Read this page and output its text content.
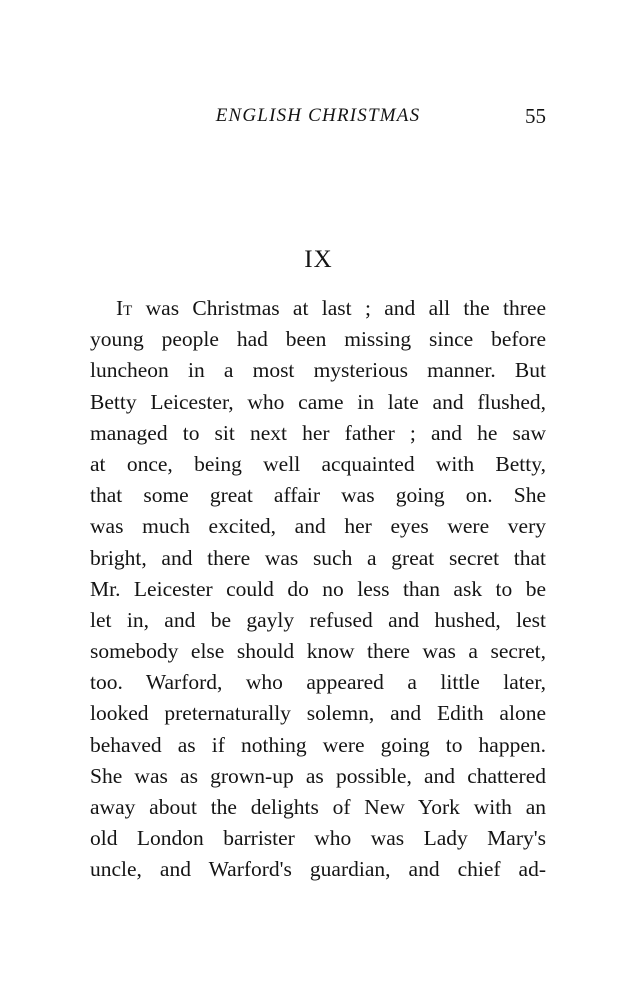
ENGLISH CHRISTMAS	55
IX
It was Christmas at last ; and all the three
young people had been missing since before
luncheon in a most mysterious manner. But
Betty Leicester, who came in late and flushed,
managed to sit next her father ; and he saw
at once, being well acquainted with Betty,
that some great affair was going on. She
was much excited, and her eyes were very
bright, and there was such a great secret that
Mr. Leicester could do no less than ask to be
let in, and be gayly refused and hushed, lest
somebody else should know there was a secret,
too. Warford, who appeared a little later,
looked preternaturally solemn, and Edith alone
behaved as if nothing were going to happen.
She was as grown-up as possible, and chattered
away about the delights of New York with an
old London barrister who was Lady Mary's
uncle, and Warford's guardian, and chief ad-
